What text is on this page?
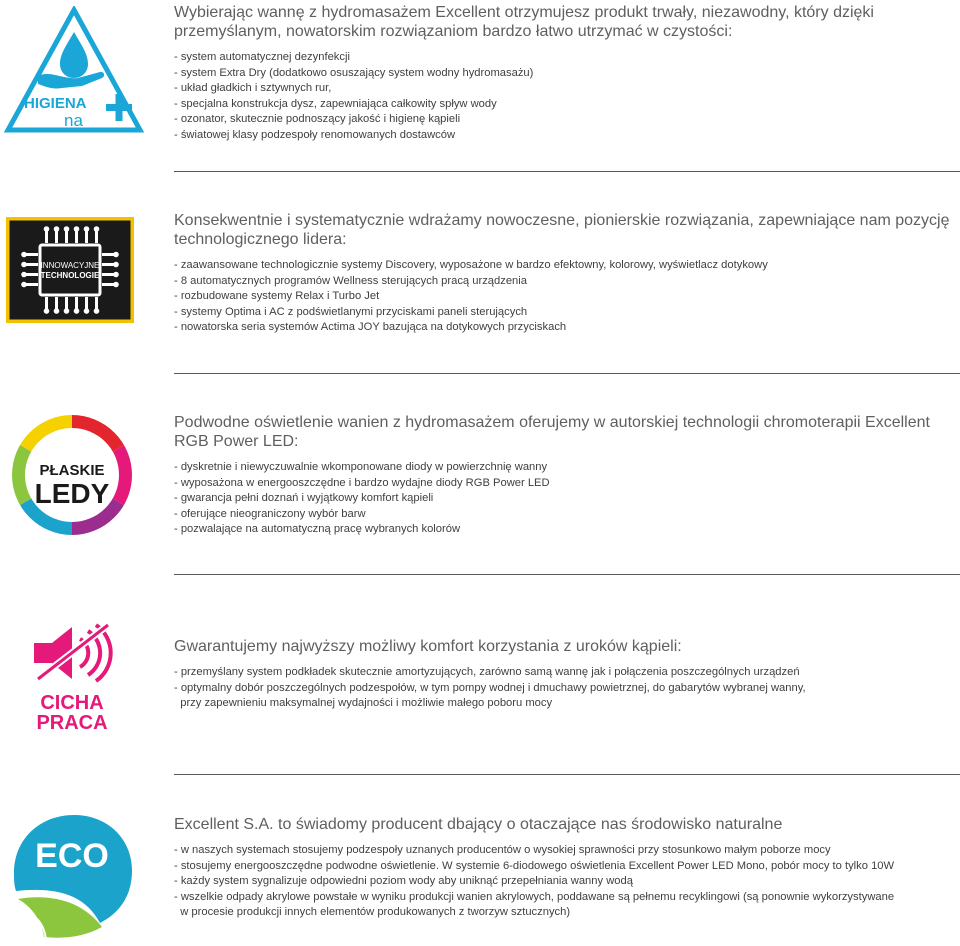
HIGIENA
na

Wybierając wannę z hydromasażem Excellent otrzymujesz produkt trwały, niezawodny, który dzięki przemyślanym, nowatorskim rozwiązaniom bardzo łatwo utrzymać w czystości:

- system automatycznej dezynfekcji
- system Extra Dry (dodatkowo osuszający system wodny hydromasażu)
- układ gładkich i sztywnych rur,
- specjalna konstrukcja dysz, zapewniająca całkowity spływ wody
- ozonator, skutecznie podnoszący jakość i higienę kąpieli
- światowej klasy podzespoły renomowanych dostawców
INNOWACYJNE
TECHNOLOGIE

Konsekwentnie i systematycznie wdrażamy nowoczesne, pionierskie rozwiązania, zapewniające nam pozycję technologicznego lidera:

- zaawansowane technologicznie systemy Discovery, wyposażone w bardzo efektowny, kolorowy, wyświetlacz dotykowy
- 8 automatycznych programów Wellness sterujących pracą urządzenia
- rozbudowane systemy Relax i Turbo Jet
- systemy Optima i AC z podświetlanymi przyciskami paneli sterujących
- nowatorska seria systemów Actima JOY bazująca na dotykowych przyciskach
PŁASKIE
LEDY

Podwodne oświetlenie wanien z hydromasażem oferujemy w autorskiej technologii chromoterapii Excellent RGB Power LED:

- dyskretnie i niewyczuwalnie wkomponowane diody w powierzchnię wanny
- wyposażona w energooszczędne i bardzo wydajne diody RGB Power LED
- gwarancja pełni doznań i wyjątkowy komfort kąpieli
- oferujące nieograniczony wybór barw
- pozwalające na automatyczną pracę wybranych kolorów
CICHA
PRACA

Gwarantujemy najwyższy możliwy komfort korzystania z uroków kąpieli:

- przemyślany system podkładek skutecznie amortyzujących, zarówno samą wannę jak i połączenia poszczególnych urządzeń
- optymalny dobór poszczególnych podzespołów, w tym pompy wodnej i dmuchawy powietrznej, do gabarytów wybranej wanny,
przy zapewnieniu maksymalnej wydajności i możliwie małego poboru mocy
ECO

Excellent S.A. to świadomy producent dbający o otaczające nas środowisko naturalne

- w naszych systemach stosujemy podzespoły uznanych producentów o wysokiej sprawności przy stosunkowo małym poborze mocy
- stosujemy energooszczędne podwodne oświetlenie. W systemie 6-diodowego oświetlenia Excellent Power LED Mono, pobór mocy to tylko 10W
- każdy system sygnalizuje odpowiedni poziom wody aby uniknąć przepełniania wanny wodą
- wszelkie odpady akrylowe powstałe w wyniku produkcji wanien akrylowych, poddawane są pełnemu recyklingowi (są ponownie wykorzystywane
w procesie produkcji innych elementów produkowanych z tworzyw sztucznych)
